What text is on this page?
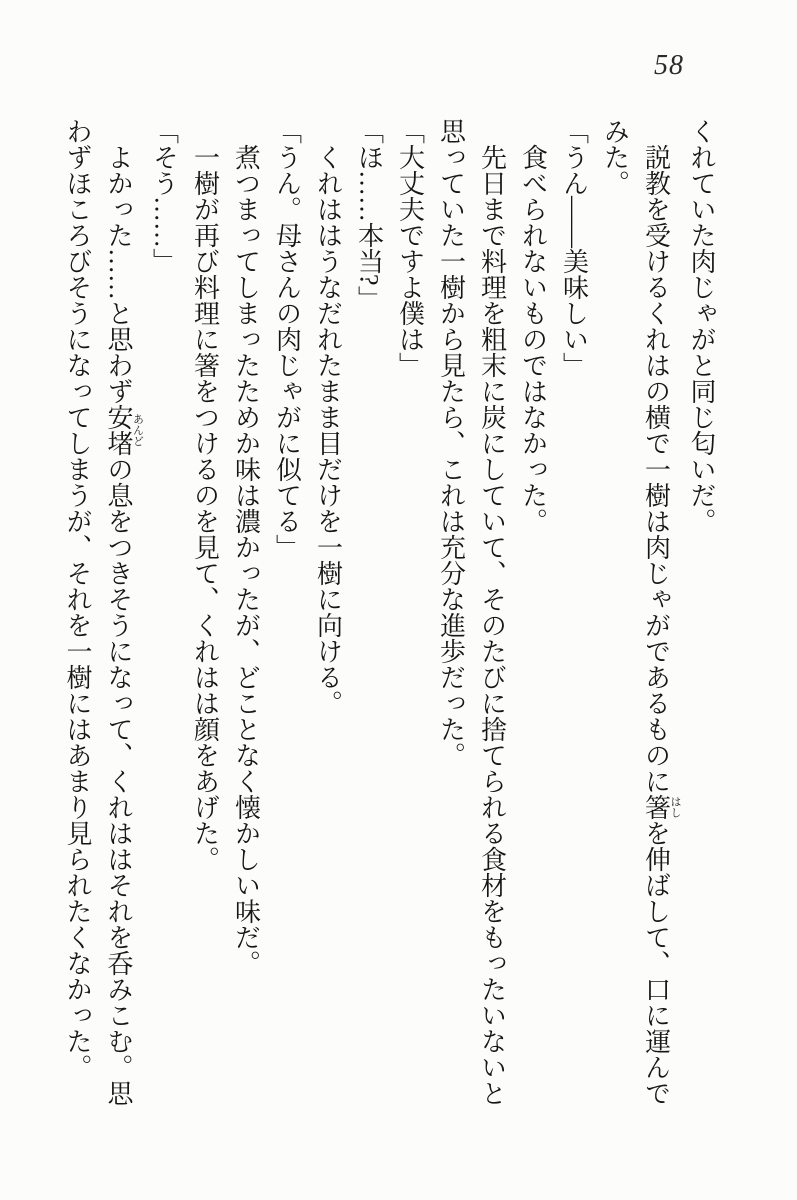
58

くれていた肉じゃがと同じ匂いだ。

説教を受けるくれはの横で一樹は肉じゃがであるものに箸はしを伸ばして、口に運んでみた。

「うん――美味しい」

食べられないものではなかった。

先日まで料理を粗末に炭にしていて、そのたびに捨てられる食材をもったいないと思っていた一樹から見たら、これは充分な進歩だった。

「大丈夫ですよ僕は」

「ほ……本当?」

くれははうなだれたまま目だけを一樹に向ける。

「うん。母さんの肉じゃがに似てる」

煮つまってしまったためか味は濃かったが、どことなく懐かしい味だ。

一樹が再び料理に箸をつけるのを見て、くれはは顔をあげた。

「そう……」

よかった……と思わず安堵あんどの息をつきそうになって、くれははそれを呑みこむ。思わずほころびそうになってしまうが、それを一樹にはあまり見られたくなかった。
